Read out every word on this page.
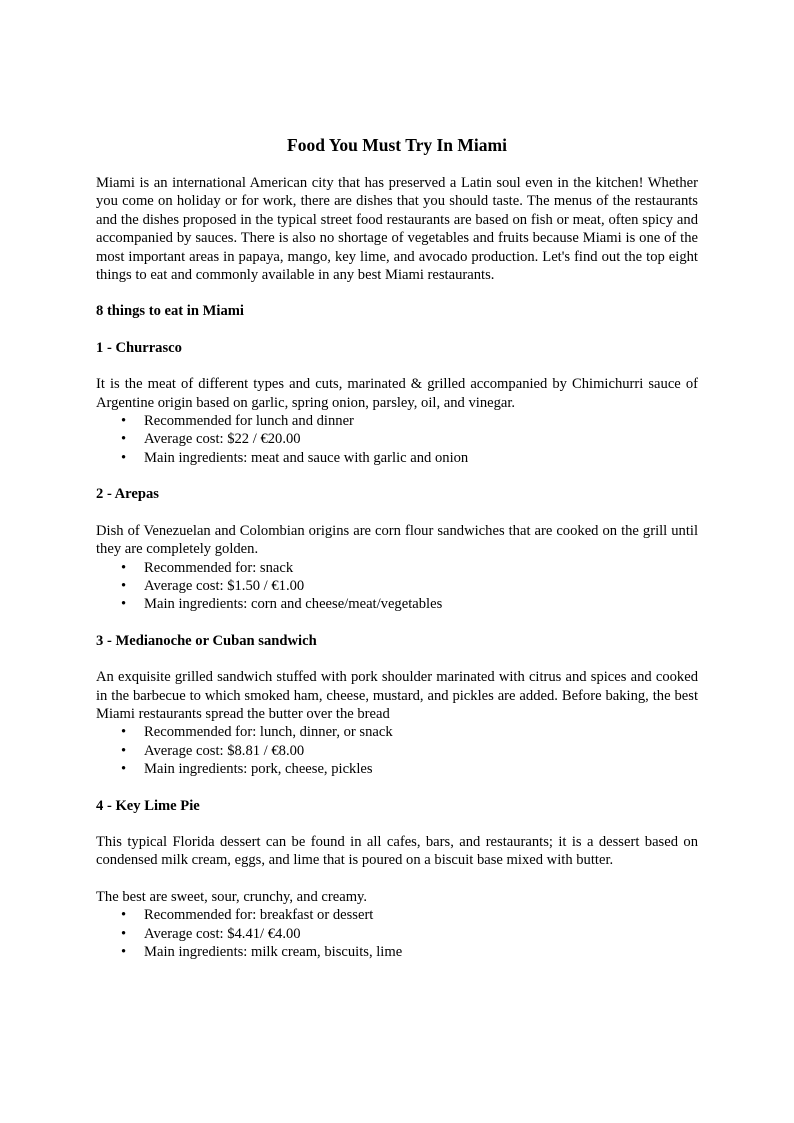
Food You Must Try In Miami

Miami is an international American city that has preserved a Latin soul even in the kitchen! Whether you come on holiday or for work, there are dishes that you should taste. The menus of the restaurants and the dishes proposed in the typical street food restaurants are based on fish or meat, often spicy and accompanied by sauces. There is also no shortage of vegetables and fruits because Miami is one of the most important areas in papaya, mango, key lime, and avocado production. Let's find out the top eight things to eat and commonly available in any best Miami restaurants.

8 things to eat in Miami

1 - Churrasco

It is the meat of different types and cuts, marinated & grilled accompanied by Chimichurri sauce of Argentine origin based on garlic, spring onion, parsley, oil, and vinegar.

• Recommended for lunch and dinner
• Average cost: $22 / €20.00
• Main ingredients: meat and sauce with garlic and onion

2 - Arepas

Dish of Venezuelan and Colombian origins are corn flour sandwiches that are cooked on the grill until they are completely golden.

• Recommended for: snack
• Average cost: $1.50 / €1.00
• Main ingredients: corn and cheese/meat/vegetables

3 - Medianoche or Cuban sandwich

An exquisite grilled sandwich stuffed with pork shoulder marinated with citrus and spices and cooked in the barbecue to which smoked ham, cheese, mustard, and pickles are added. Before baking, the best Miami restaurants spread the butter over the bread

• Recommended for: lunch, dinner, or snack
• Average cost: $8.81 / €8.00
• Main ingredients: pork, cheese, pickles

4 - Key Lime Pie

This typical Florida dessert can be found in all cafes, bars, and restaurants; it is a dessert based on condensed milk cream, eggs, and lime that is poured on a biscuit base mixed with butter.

The best are sweet, sour, crunchy, and creamy.

• Recommended for: breakfast or dessert
• Average cost: $4.41/ €4.00
• Main ingredients: milk cream, biscuits, lime
